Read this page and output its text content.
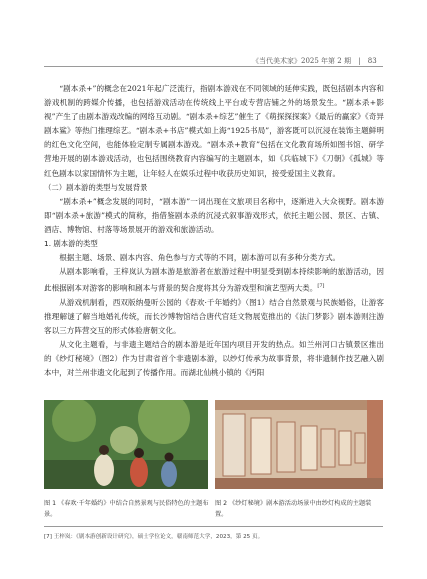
《当代美术家》2025 年第 2 期 | 83

“剧本杀+”的概念在2021年起广泛流行，指剧本游戏在不同领域的延伸实践，既包括剧本内容和游戏机制的跨媒介传播，也包括游戏活动在传统线上平台或专营店铺之外的场景发生。“剧本杀+影视”产生了由剧本游戏改编的网络互动剧。“剧本杀+综艺”催生了《萌探探探案》《最后的赢家》《奇异剧本鲨》等热门推理综艺。“剧本杀+书店”模式如上海“1925书局”，游客既可以沉浸在装饰主题鲜明的红色文化空间，也能体验定制专属剧本游戏。“剧本杀+教育”包括在文化教育场所如图书馆、研学营地开展的剧本游戏活动，也包括围绕教育内容编写的主题剧本，如《兵临城下》《刀朝》《孤城》等红色剧本以家国情怀为主题，让年轻人在娱乐过程中收获历史知识，接受爱国主义教育。

（二）剧本游的类型与发展背景

“剧本杀+”概念发展的同时，“剧本游”一词出现在文旅项目名称中，逐渐进入大众视野。剧本游即“剧本杀+旅游”模式的简称，指借鉴剧本杀的沉浸式叙事游戏形式，依托主题公园、景区、古镇、酒店、博物馆、村落等场景展开的游戏和旅游活动。

1. 剧本游的类型

根据主题、场景、剧本内容、角色参与方式等的不同，剧本游可以有多种分类方式。

从剧本影响看，王梓岚认为剧本游是旅游者在旅游过程中明显受到剧本持续影响的旅游活动，因此根据剧本对游客的影响和剧本与背景的契合度将其分为游戏型和演艺型两大类。[7]

从游戏机制看，西双版纳曼听公园的《春欢·千年婚约》（图1）结合自然景观与民族婚俗，让游客推理解谜了解当地婚礼传统，而长沙博物馆结合唐代官廷文物展览推出的《法门梦影》剧本游则注游客以三方阵营交互的形式体验唐朝文化。

从文化主题看，与非遗主题结合的剧本游是近年国内项目开发的热点。如兰州河口古镇景区推出的《纱灯秘境》（图2）作为甘肃省首个非遗剧本游，以纱灯传承为故事背景，将非遗制作技艺融入剧本中，对兰州非遗文化起到了传播作用。而湖北仙桃小镇的《沔阳

图 1 《春欢·千年婚约》中结合自然景观与民俗特色的主题布景。
图 2 《纱灯秘境》剧本游活动场景中由纱灯构成的主题装置。
[7] 王梓岚：《剧本游创新设计研究》，硕士学位论文，赣南师范大学，2023，第 25 页。
